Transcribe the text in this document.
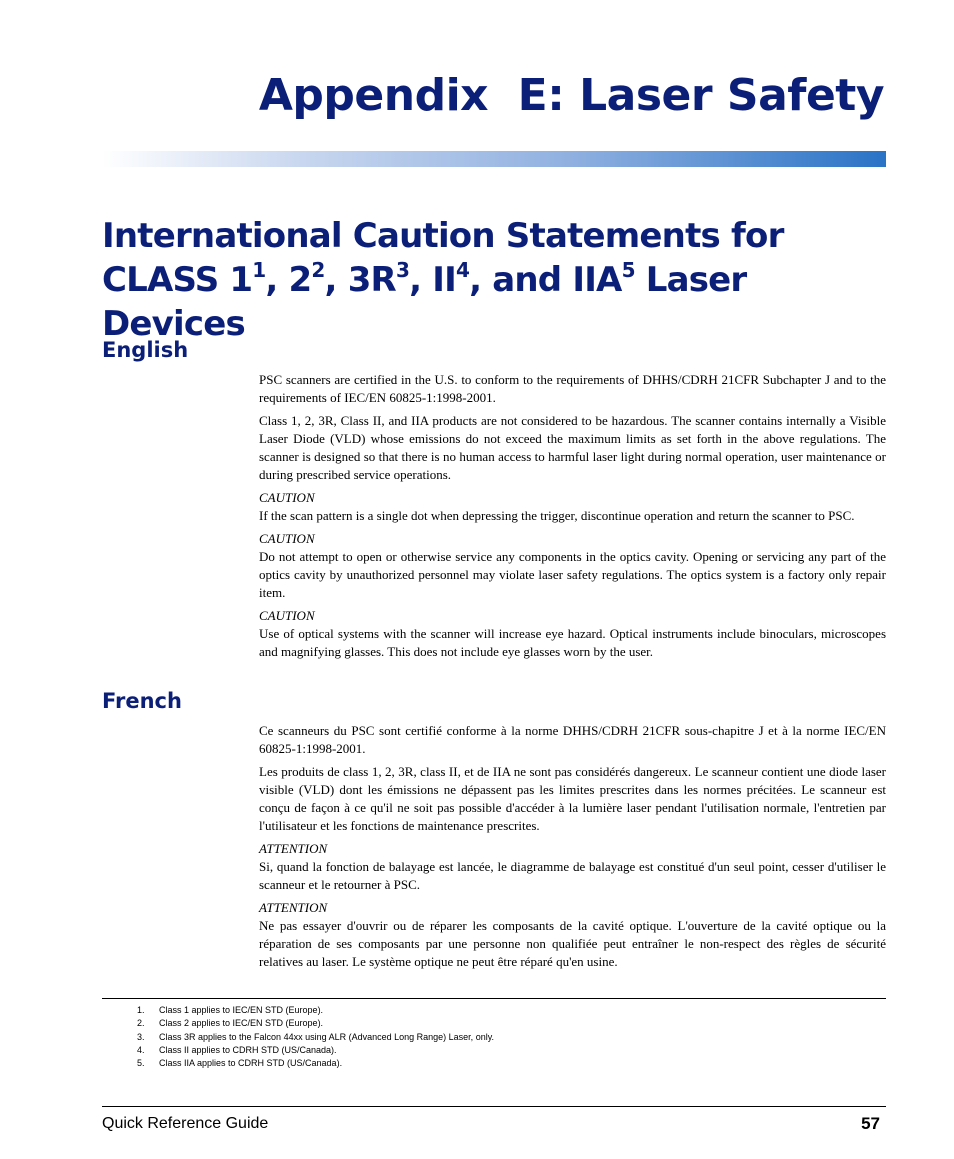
Appendix  E: Laser Safety
International Caution Statements for CLASS $1^1$, $2^2$, $3R^3$, $II^4$, and IIA$^5$ Laser Devices
English

PSC scanners are certified in the U.S. to conform to the requirements of DHHS/CDRH 21CFR Subchapter J and to the requirements of IEC/EN 60825-1:1998-2001.

Class 1, 2, 3R, Class II, and IIA products are not considered to be hazardous. The scanner contains internally a Visible Laser Diode (VLD) whose emissions do not exceed the maximum limits as set forth in the above regulations. The scanner is designed so that there is no human access to harmful laser light during normal operation, user maintenance or during prescribed service operations.

CAUTION
If the scan pattern is a single dot when depressing the trigger, discontinue operation and return the scanner to PSC.
CAUTION
Do not attempt to open or otherwise service any components in the optics cavity. Opening or servicing any part of the optics cavity by unauthorized personnel may violate laser safety regulations. The optics system is a factory only repair item.
CAUTION
Use of optical systems with the scanner will increase eye hazard. Optical instruments include binoculars, microscopes and magnifying glasses. This does not include eye glasses worn by the user.
French

Ce scanneurs du PSC sont certifié conforme à la norme DHHS/CDRH 21CFR sous-chapitre J et à la norme IEC/EN 60825-1:1998-2001.

Les produits de class 1, 2, 3R, class II, et de IIA ne sont pas considérés dangereux. Le scanneur contient une diode laser visible (VLD) dont les émissions ne dépassent pas les limites prescrites dans les normes précitées. Le scanneur est conçu de façon à ce qu'il ne soit pas possible d'accéder à la lumière laser pendant l'utilisation normale, l'entretien par l'utilisateur et les fonctions de maintenance prescrites.

ATTENTION
Si, quand la fonction de balayage est lancée, le diagramme de balayage est constitué d'un seul point, cesser d'utiliser le scanneur et le retourner à PSC.
ATTENTION
Ne pas essayer d'ouvrir ou de réparer les composants de la cavité optique. L'ouverture de la cavité optique ou la réparation de ses composants par une personne non qualifiée peut entraîner le non-respect des règles de sécurité relatives au laser. Le système optique ne peut être réparé qu'en usine.
1.	Class 1 applies to IEC/EN STD (Europe).
2.	Class 2 applies to IEC/EN STD (Europe).
3.	Class 3R applies to the Falcon 44xx using ALR (Advanced Long Range) Laser, only.
4.	Class II applies to CDRH STD (US/Canada).
5.	Class IIA applies to CDRH STD (US/Canada).
Quick Reference Guide	57
